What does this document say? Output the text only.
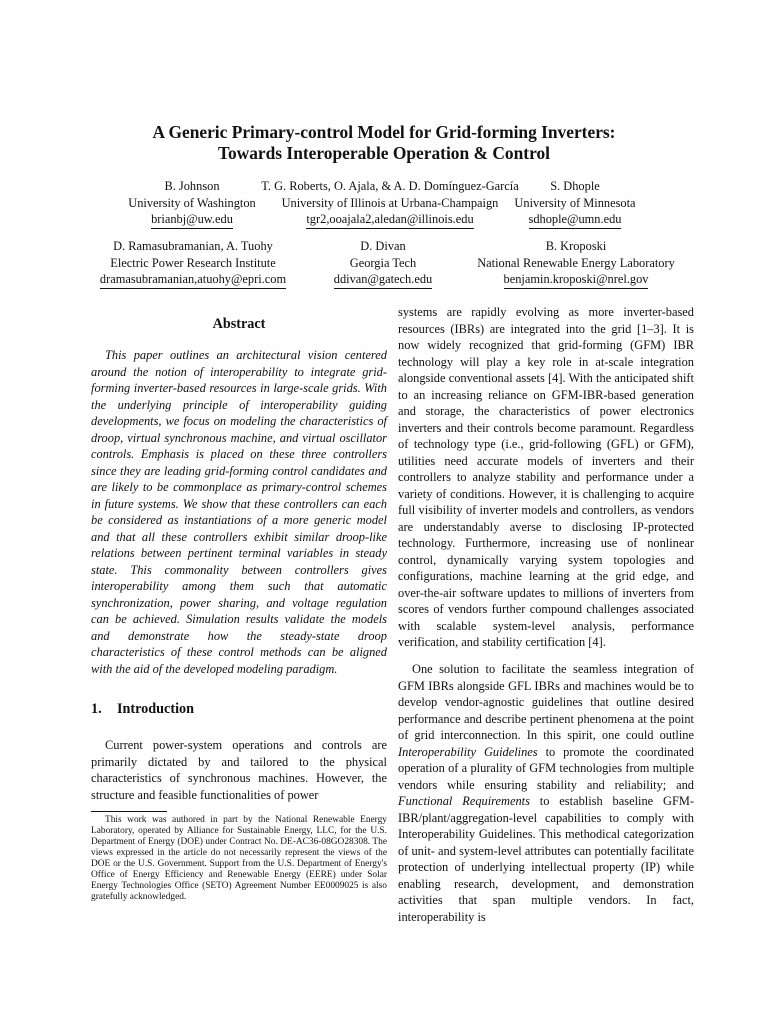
A Generic Primary-control Model for Grid-forming Inverters:
Towards Interoperable Operation & Control
B. Johnson
University of Washington
brianbj@uw.edu
T. G. Roberts, O. Ajala, & A. D. Domínguez-García
University of Illinois at Urbana-Champaign
tgr2,ooajala2,aledan@illinois.edu
S. Dhople
University of Minnesota
sdhople@umn.edu
D. Ramasubramanian, A. Tuohy
Electric Power Research Institute
dramasubramanian,atuohy@epri.com
D. Divan
Georgia Tech
ddivan@gatech.edu
B. Kroposki
National Renewable Energy Laboratory
benjamin.kroposki@nrel.gov
Abstract

This paper outlines an architectural vision centered around the notion of interoperability to integrate grid-forming inverter-based resources in large-scale grids. With the underlying principle of interoperability guiding developments, we focus on modeling the characteristics of droop, virtual synchronous machine, and virtual oscillator controls. Emphasis is placed on these three controllers since they are leading grid-forming control candidates and are likely to be commonplace as primary-control schemes in future systems. We show that these controllers can each be considered as instantiations of a more generic model and that all these controllers exhibit similar droop-like relations between pertinent terminal variables in steady state. This commonality between controllers gives interoperability among them such that automatic synchronization, power sharing, and voltage regulation can be achieved. Simulation results validate the models and demonstrate how the steady-state droop characteristics of these control methods can be aligned with the aid of the developed modeling paradigm.

1. Introduction

Current power-system operations and controls are primarily dictated by and tailored to the physical characteristics of synchronous machines. However, the structure and feasible functionalities of power

This work was authored in part by the National Renewable Energy Laboratory, operated by Alliance for Sustainable Energy, LLC, for the U.S. Department of Energy (DOE) under Contract No. DE-AC36-08GO28308. The views expressed in the article do not necessarily represent the views of the DOE or the U.S. Government. Support from the U.S. Department of Energy's Office of Energy Efficiency and Renewable Energy (EERE) under Solar Energy Technologies Office (SETO) Agreement Number EE0009025 is also gratefully acknowledged.

systems are rapidly evolving as more inverter-based resources (IBRs) are integrated into the grid [1–3]. It is now widely recognized that grid-forming (GFM) IBR technology will play a key role in at-scale integration alongside conventional assets [4]. With the anticipated shift to an increasing reliance on GFM-IBR-based generation and storage, the characteristics of power electronics inverters and their controls become paramount. Regardless of technology type (i.e., grid-following (GFL) or GFM), utilities need accurate models of inverters and their controllers to analyze stability and performance under a variety of conditions. However, it is challenging to acquire full visibility of inverter models and controllers, as vendors are understandably averse to disclosing IP-protected technology. Furthermore, increasing use of nonlinear control, dynamically varying system topologies and configurations, machine learning at the grid edge, and over-the-air software updates to millions of inverters from scores of vendors further compound challenges associated with scalable system-level analysis, performance verification, and stability certification [4].

One solution to facilitate the seamless integration of GFM IBRs alongside GFL IBRs and machines would be to develop vendor-agnostic guidelines that outline desired performance and describe pertinent phenomena at the point of grid interconnection. In this spirit, one could outline Interoperability Guidelines to promote the coordinated operation of a plurality of GFM technologies from multiple vendors while ensuring stability and reliability; and Functional Requirements to establish baseline GFM-IBR/plant/aggregation-level capabilities to comply with Interoperability Guidelines. This methodical categorization of unit- and system-level attributes can potentially facilitate protection of underlying intellectual property (IP) while enabling research, development, and demonstration activities that span multiple vendors. In fact, interoperability is
